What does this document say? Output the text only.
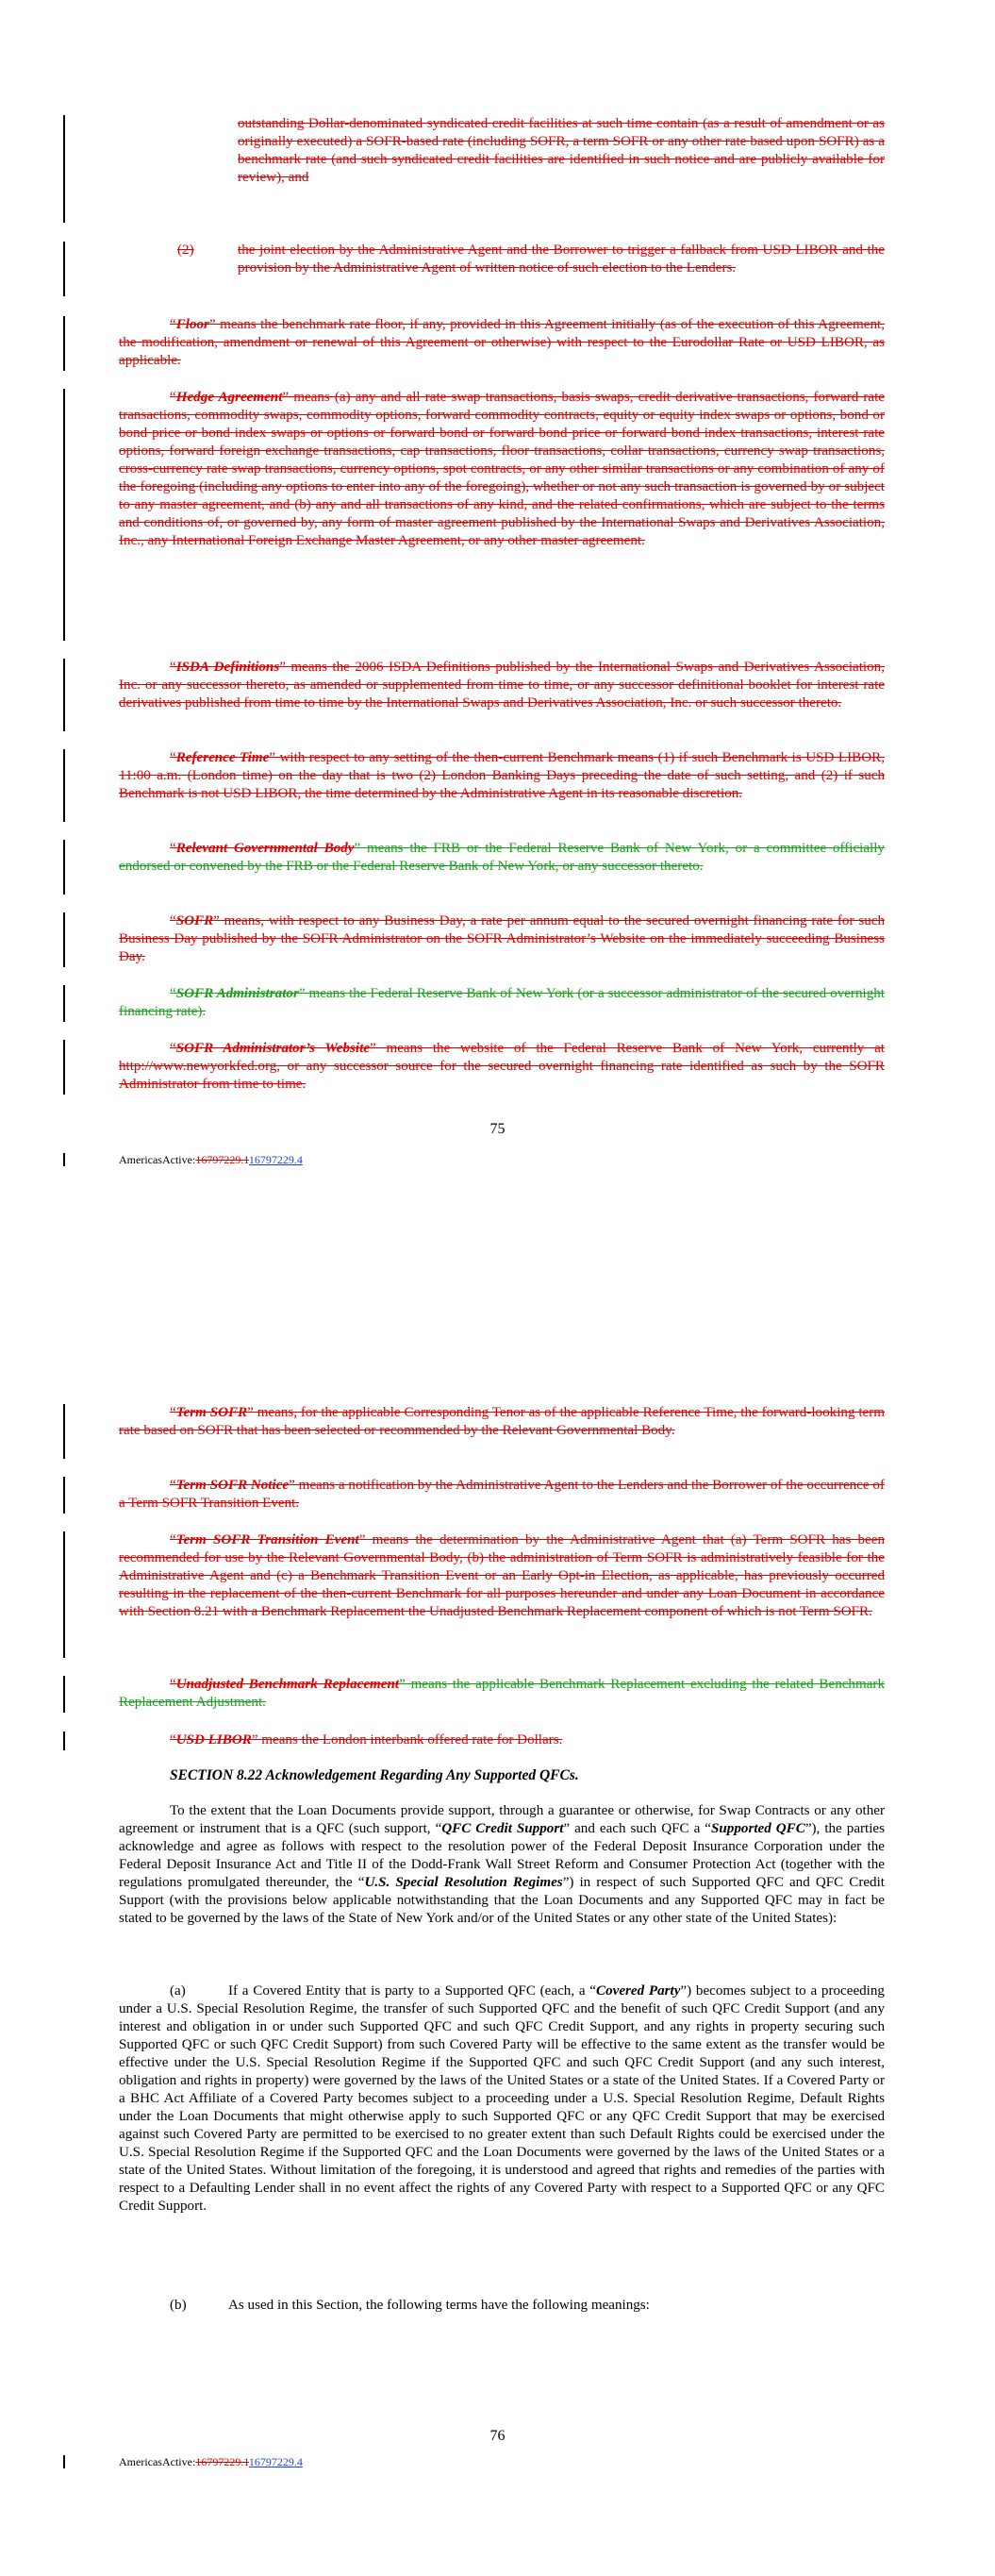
outstanding Dollar-denominated syndicated credit facilities at such time contain (as a result of amendment or as originally executed) a SOFR-based rate (including SOFR, a term SOFR or any other rate based upon SOFR) as a benchmark rate (and such syndicated credit facilities are identified in such notice and are publicly available for review), and
(2)	the joint election by the Administrative Agent and the Borrower to trigger a fallback from USD LIBOR and the provision by the Administrative Agent of written notice of such election to the Lenders.
“Floor” means the benchmark rate floor, if any, provided in this Agreement initially (as of the execution of this Agreement, the modification, amendment or renewal of this Agreement or otherwise) with respect to the Eurodollar Rate or USD LIBOR, as applicable.
“Hedge Agreement” means (a) any and all rate swap transactions, basis swaps, credit derivative transactions, forward rate transactions, commodity swaps, commodity options, forward commodity contracts, equity or equity index swaps or options, bond or bond price or bond index swaps or options or forward bond or forward bond price or forward bond index transactions, interest rate options, forward foreign exchange transactions, cap transactions, floor transactions, collar transactions, currency swap transactions, cross-currency rate swap transactions, currency options, spot contracts, or any other similar transactions or any combination of any of the foregoing (including any options to enter into any of the foregoing), whether or not any such transaction is governed by or subject to any master agreement, and (b) any and all transactions of any kind, and the related confirmations, which are subject to the terms and conditions of, or governed by, any form of master agreement published by the International Swaps and Derivatives Association, Inc., any International Foreign Exchange Master Agreement, or any other master agreement.
“ISDA Definitions” means the 2006 ISDA Definitions published by the International Swaps and Derivatives Association, Inc. or any successor thereto, as amended or supplemented from time to time, or any successor definitional booklet for interest rate derivatives published from time to time by the International Swaps and Derivatives Association, Inc. or such successor thereto.
“Reference Time” with respect to any setting of the then-current Benchmark means (1) if such Benchmark is USD LIBOR, 11:00 a.m. (London time) on the day that is two (2) London Banking Days preceding the date of such setting, and (2) if such Benchmark is not USD LIBOR, the time determined by the Administrative Agent in its reasonable discretion.
“Relevant Governmental Body” means the FRB or the Federal Reserve Bank of New York, or a committee officially endorsed or convened by the FRB or the Federal Reserve Bank of New York, or any successor thereto.
“SOFR” means, with respect to any Business Day, a rate per annum equal to the secured overnight financing rate for such Business Day published by the SOFR Administrator on the SOFR Administrator’s Website on the immediately succeeding Business Day.
“SOFR Administrator” means the Federal Reserve Bank of New York (or a successor administrator of the secured overnight financing rate).
“SOFR Administrator’s Website” means the website of the Federal Reserve Bank of New York, currently at http://www.newyorkfed.org, or any successor source for the secured overnight financing rate identified as such by the SOFR Administrator from time to time.
75
AmericasActive:16797229.116797229.4
“Term SOFR” means, for the applicable Corresponding Tenor as of the applicable Reference Time, the forward-looking term rate based on SOFR that has been selected or recommended by the Relevant Governmental Body.
“Term SOFR Notice” means a notification by the Administrative Agent to the Lenders and the Borrower of the occurrence of a Term SOFR Transition Event.
“Term SOFR Transition Event” means the determination by the Administrative Agent that (a) Term SOFR has been recommended for use by the Relevant Governmental Body, (b) the administration of Term SOFR is administratively feasible for the Administrative Agent and (c) a Benchmark Transition Event or an Early Opt-in Election, as applicable, has previously occurred resulting in the replacement of the then-current Benchmark for all purposes hereunder and under any Loan Document in accordance with Section 8.21 with a Benchmark Replacement the Unadjusted Benchmark Replacement component of which is not Term SOFR.
“Unadjusted Benchmark Replacement” means the applicable Benchmark Replacement excluding the related Benchmark Replacement Adjustment.
“USD LIBOR” means the London interbank offered rate for Dollars.
SECTION 8.22 Acknowledgement Regarding Any Supported QFCs.
To the extent that the Loan Documents provide support, through a guarantee or otherwise, for Swap Contracts or any other agreement or instrument that is a QFC (such support, “QFC Credit Support” and each such QFC a “Supported QFC”), the parties acknowledge and agree as follows with respect to the resolution power of the Federal Deposit Insurance Corporation under the Federal Deposit Insurance Act and Title II of the Dodd-Frank Wall Street Reform and Consumer Protection Act (together with the regulations promulgated thereunder, the “U.S. Special Resolution Regimes”) in respect of such Supported QFC and QFC Credit Support (with the provisions below applicable notwithstanding that the Loan Documents and any Supported QFC may in fact be stated to be governed by the laws of the State of New York and/or of the United States or any other state of the United States):
(a)	If a Covered Entity that is party to a Supported QFC (each, a “Covered Party”) becomes subject to a proceeding under a U.S. Special Resolution Regime, the transfer of such Supported QFC and the benefit of such QFC Credit Support (and any interest and obligation in or under such Supported QFC and such QFC Credit Support, and any rights in property securing such Supported QFC or such QFC Credit Support) from such Covered Party will be effective to the same extent as the transfer would be effective under the U.S. Special Resolution Regime if the Supported QFC and such QFC Credit Support (and any such interest, obligation and rights in property) were governed by the laws of the United States or a state of the United States. If a Covered Party or a BHC Act Affiliate of a Covered Party becomes subject to a proceeding under a U.S. Special Resolution Regime, Default Rights under the Loan Documents that might otherwise apply to such Supported QFC or any QFC Credit Support that may be exercised against such Covered Party are permitted to be exercised to no greater extent than such Default Rights could be exercised under the U.S. Special Resolution Regime if the Supported QFC and the Loan Documents were governed by the laws of the United States or a state of the United States. Without limitation of the foregoing, it is understood and agreed that rights and remedies of the parties with respect to a Defaulting Lender shall in no event affect the rights of any Covered Party with respect to a Supported QFC or any QFC Credit Support.
(b)	As used in this Section, the following terms have the following meanings:
76
AmericasActive:16797229.116797229.4
